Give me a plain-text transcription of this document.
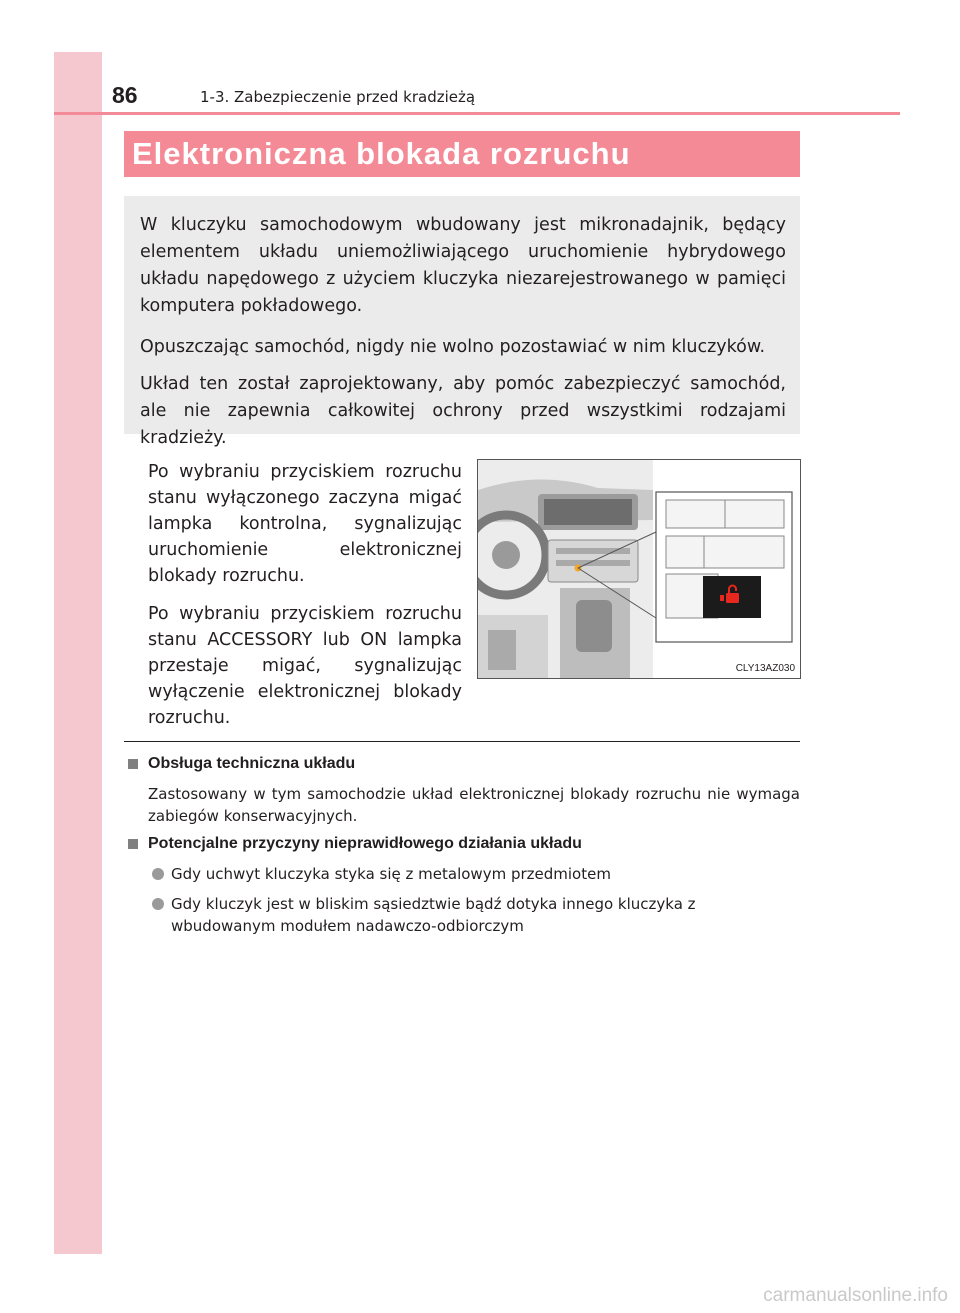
86	1-3. Zabezpieczenie przed kradzieżą
Elektroniczna blokada rozruchu

W kluczyku samochodowym wbudowany jest mikronadajnik, będący elementem układu uniemożliwiającego uruchomienie hybrydowego układu napędowego z użyciem kluczyka niezarejestrowanego w pamięci komputera pokładowego.

Opuszczając samochód, nigdy nie wolno pozostawiać w nim kluczyków.

Układ ten został zaprojektowany, aby pomóc zabezpieczyć samochód, ale nie zapewnia całkowitej ochrony przed wszystkimi rodzajami kradzieży.

Po wybraniu przyciskiem rozruchu stanu wyłączonego zaczyna migać lampka kontrolna, sygnalizując uruchomienie elektronicznej blokady rozruchu.

Po wybraniu przyciskiem rozruchu stanu ACCESSORY lub ON lampka przestaje migać, sygnalizując wyłączenie elektronicznej blokady rozruchu.

CLY13AZ030
Obsługa techniczna układu

Zastosowany w tym samochodzie układ elektronicznej blokady rozruchu nie wymaga zabiegów konserwacyjnych.

Potencjalne przyczyny nieprawidłowego działania układu

Gdy uchwyt kluczyka styka się z metalowym przedmiotem

Gdy kluczyk jest w bliskim sąsiedztwie bądź dotyka innego kluczyka z wbudowanym modułem nadawczo-odbiorczym

carmanualsonline.info
